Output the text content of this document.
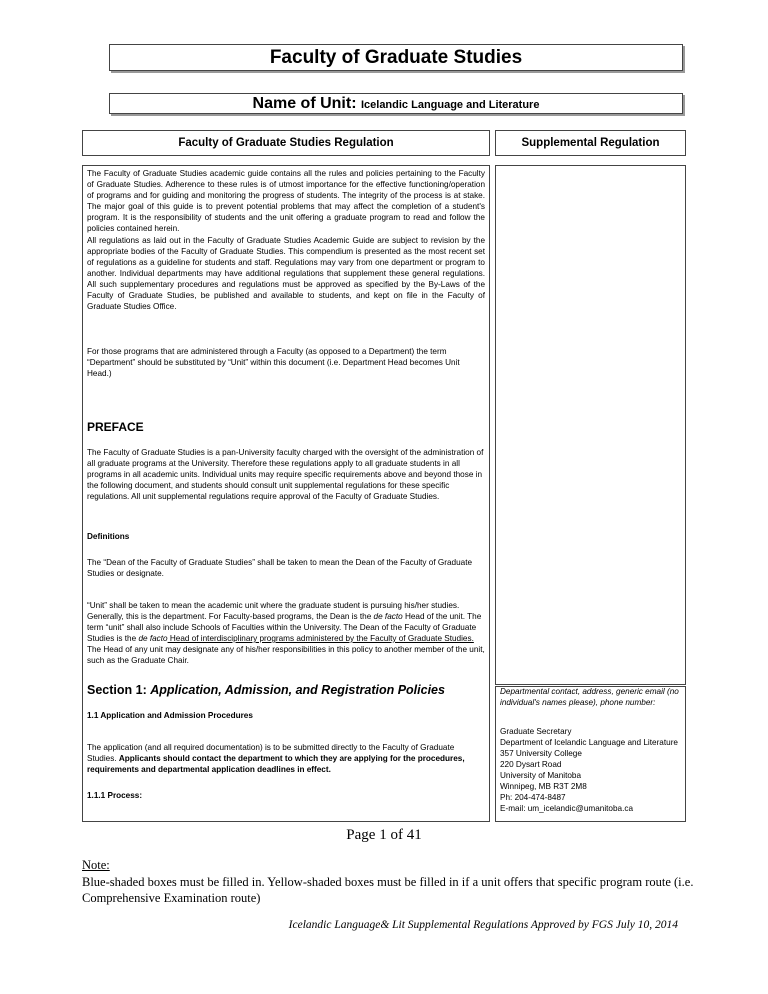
Faculty of Graduate Studies
Name of Unit: Icelandic Language and Literature
Faculty of Graduate Studies Regulation	Supplemental Regulation
The Faculty of Graduate Studies academic guide contains all the rules and policies pertaining to the Faculty of Graduate Studies. Adherence to these rules is of utmost importance for the effective functioning/operation of programs and for guiding and monitoring the progress of students. The integrity of the process is at stake. The major goal of this guide is to prevent potential problems that may affect the completion of a student's program. It is the responsibility of students and the unit offering a graduate program to read and follow the policies contained herein.
All regulations as laid out in the Faculty of Graduate Studies Academic Guide are subject to revision by the appropriate bodies of the Faculty of Graduate Studies. This compendium is presented as the most recent set of regulations as a guideline for students and staff. Regulations may vary from one department or program to another. Individual departments may have additional regulations that supplement these general regulations. All such supplementary procedures and regulations must be approved as specified by the By-Laws of the Faculty of Graduate Studies, be published and available to students, and kept on file in the Faculty of Graduate Studies Office.
For those programs that are administered through a Faculty (as opposed to a Department) the term “Department” should be substituted by “Unit” within this document (i.e. Department Head becomes Unit Head.)
PREFACE
The Faculty of Graduate Studies is a pan-University faculty charged with the oversight of the administration of all graduate programs at the University. Therefore these regulations apply to all graduate students in all programs in all academic units. Individual units may require specific requirements above and beyond those in the following document, and students should consult unit supplemental regulations for these specific regulations. All unit supplemental regulations require approval of the Faculty of Graduate Studies.
Definitions
The “Dean of the Faculty of Graduate Studies” shall be taken to mean the Dean of the Faculty of Graduate Studies or designate.
“Unit” shall be taken to mean the academic unit where the graduate student is pursuing his/her studies. Generally, this is the department. For Faculty-based programs, the Dean is the de facto Head of the unit. The term “unit” shall also include Schools of Faculties within the University. The Dean of the Faculty of Graduate Studies is the de facto Head of interdisciplinary programs administered by the Faculty of Graduate Studies. The Head of any unit may designate any of his/her responsibilities in this policy to another member of the unit, such as the Graduate Chair.
Section 1: Application, Admission, and Registration Policies
1.1 Application and Admission Procedures
The application (and all required documentation) is to be submitted directly to the Faculty of Graduate Studies. Applicants should contact the department to which they are applying for the procedures, requirements and departmental application deadlines in effect.
1.1.1 Process:
Departmental contact, address, generic email (no individual's names please), phone number:
Graduate Secretary
Department of Icelandic Language and Literature
357 University College
220 Dysart Road
University of Manitoba
Winnipeg, MB R3T 2M8
Ph: 204-474-8487
E-mail: um_icelandic@umanitoba.ca
Page 1 of 41
Note:
Blue-shaded boxes must be filled in. Yellow-shaded boxes must be filled in if a unit offers that specific program route (i.e. Comprehensive Examination route)
Icelandic Language& Lit Supplemental Regulations Approved by FGS July 10, 2014
